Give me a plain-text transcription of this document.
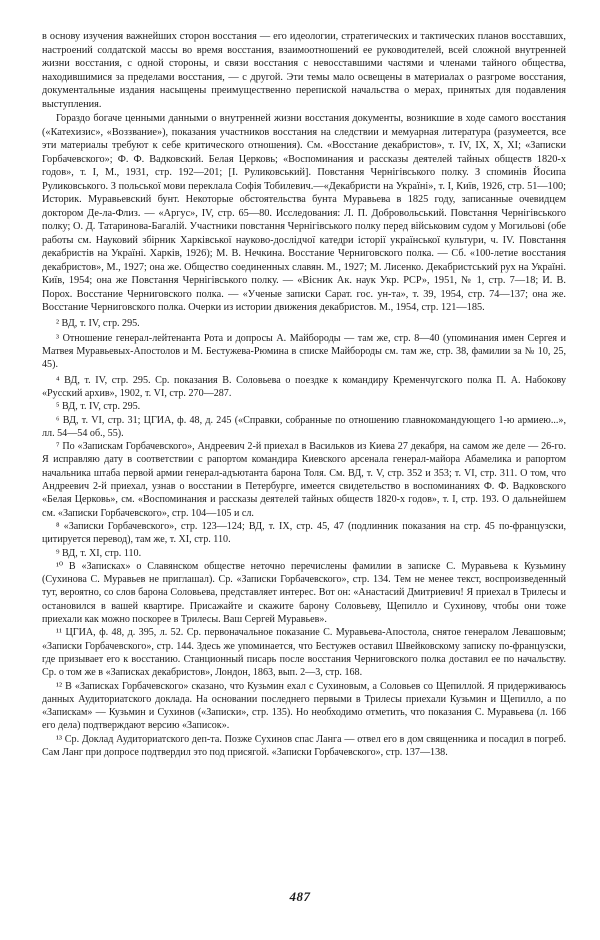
в основу изучения важнейших сторон восстания — его идеологии, стратегических и тактических планов восставших, настроений солдатской массы во время восстания, взаимоотношений ее руководителей, всей сложной внутренней жизни восстания, с одной стороны, и связи восстания с невосставшими частями и членами тайного общества, находившимися за пределами восстания, — с другой. Эти темы мало освещены в материалах о разгроме восстания, документальные издания насыщены преимущественно перепиской начальства о мерах, принятых для подавления выступления.

Гораздо богаче ценными данными о внутренней жизни восстания документы, возникшие в ходе самого восстания («Катехизис», «Воззвание»), показания участников восстания на следствии и мемуарная литература (разумеется, все эти материалы требуют к себе критического отношения). См. «Восстание декабристов», т. IV, IX, X, XI; «Записки Горбачевского»; Ф. Ф. Вадковский. Белая Церковь; «Воспоминания и рассказы деятелей тайных обществ 1820-х годов», т. I, М., 1931, стр. 192—201; [І. Руликовський]. Повстання Чернігівського полку. З споминів Йосипа Руликовського. З польської мови переклала Софія Тобилевич.—«Декабристи на Україні», т. I, Київ, 1926, стр. 51—100; Историк. Муравьевский бунт. Некоторые обстоятельства бунта Муравьева в 1825 году, записанные очевидцем доктором Де-ла-Флиз. — «Аргус», IV, стр. 65—80. Исследования: Л. П. Добровольський. Повстання Чернігівського полку; О. Д. Татаринова-Багалій. Участники повстання Чернігівського полку перед військовим судом у Могильові (обе работы см. Науковий збірник Харківської науково-дослідчої катедри історії української культури, ч. IV. Повстання декабристів на Україні. Харків, 1926); М. В. Нечкина. Восстание Черниговского полка. — Сб. «100-летие восстания декабристов», М., 1927; она же. Общество соединенных славян. М., 1927; М. Лисенко. Декабристський рух на Україні. Київ, 1954; она же Повстання Чернігівського полку. — «Вісник Ак. наук Укр. РСР», 1951, № 1, стр. 7—18; И. В. Порох. Восстание Черниговского полка. — «Ученые записки Сарат. гос. ун-та», т. 39, 1954, стр. 74—137; она же. Восстание Черниговского полка. Очерки из истории движения декабристов. М., 1954, стр. 121—185.

² ВД, т. IV, стр. 295.

³ Отношение генерал-лейтенанта Рота и допросы А. Майбороды — там же, стр. 8—40 (упоминания имен Сергея и Матвея Муравьевых-Апостолов и М. Бестужева-Рюмина в списке Майбороды см. там же, стр. 38, фамилии за № 10, 25, 45).

⁴ ВД, т. IV, стр. 295. Ср. показания В. Соловьева о поездке к командиру Кременчугского полка П. А. Набокову «Русский архив», 1902, т. VI, стр. 270—287.

⁵ ВД, т. IV, стр. 295.

⁶ ВД, т. VI, стр. 31; ЦГИА, ф. 48, д. 245 («Справки, собранные по отношению главнокомандующего 1-ю армиею...», лл. 54—54 об., 55).

⁷ По «Запискам Горбачевского», Андреевич 2-й приехал в Васильков из Киева 27 декабря, на самом же деле — 26-го. Я исправляю дату в соответствии с рапортом командира Киевского арсенала генерал-майора Абамелика и рапортом начальника штаба первой армии генерал-адъютанта барона Толя. См. ВД, т. V, стр. 352 и 353; т. VI, стр. 311. О том, что Андреевич 2-й приехал, узнав о восстании в Петербурге, имеется свидетельство в воспоминаниях Ф. Ф. Вадковского «Белая Церковь», см. «Воспоминания и рассказы деятелей тайных обществ 1820-х годов», т. I, стр. 193. О дальнейшем см. «Записки Горбачевского», стр. 104—105 и сл.

⁸ «Записки Горбачевского», стр. 123—124; ВД, т. IX, стр. 45, 47 (подлинник показания на стр. 45 по-французски, цитируется перевод), там же, т. XI, стр. 110.

⁹ ВД, т. XI, стр. 110.

¹⁰ В «Записках» о Славянском обществе неточно перечислены фамилии в записке С. Муравьева к Кузьмину (Сухинова С. Муравьев не приглашал). Ср. «Записки Горбачевского», стр. 134. Тем не менее текст, воспроизведенный тут, вероятно, со слов барона Соловьева, представляет интерес. Вот он: «Анастасий Дмитриевич! Я приехал в Трилесы и остановился в вашей квартире. Присажайте и скажите барону Соловьеву, Щепилло и Сухинову, чтобы они тоже приехали как можно поскорее в Трилесы. Ваш Сергей Муравьев».

¹¹ ЦГИА, ф. 48, д. 395, л. 52. Ср. первоначальное показание С. Муравьева-Апостола, снятое генералом Левашовым; «Записки Горбачевского», стр. 144. Здесь же упоминается, что Бестужев оставил Швейковскому записку по-французски, где призывает его к восстанию. Станционный писарь после восстания Черниговского полка доставил ее по начальству. Ср. о том же в «Записках декабристов», Лондон, 1863, вып. 2—3, стр. 168.

¹² В «Записках Горбачевского» сказано, что Кузьмин ехал с Сухиновым, а Соловьев со Щепиллой. Я придерживаюсь данных Аудиториатского доклада. На основании последнего первыми в Трилесы приехали Кузьмин и Щепилло, а по «Запискам» — Кузьмин и Сухинов («Записки», стр. 135). Но необходимо отметить, что показания С. Муравьева (л. 166 его дела) подтверждают версию «Записок».

¹³ Ср. Доклад Аудиториатского деп-та. Позже Сухинов спас Ланга — отвел его в дом священника и посадил в погреб. Сам Ланг при допросе подтвердил это под присягой. «Записки Горбачевского», стр. 137—138.

487
